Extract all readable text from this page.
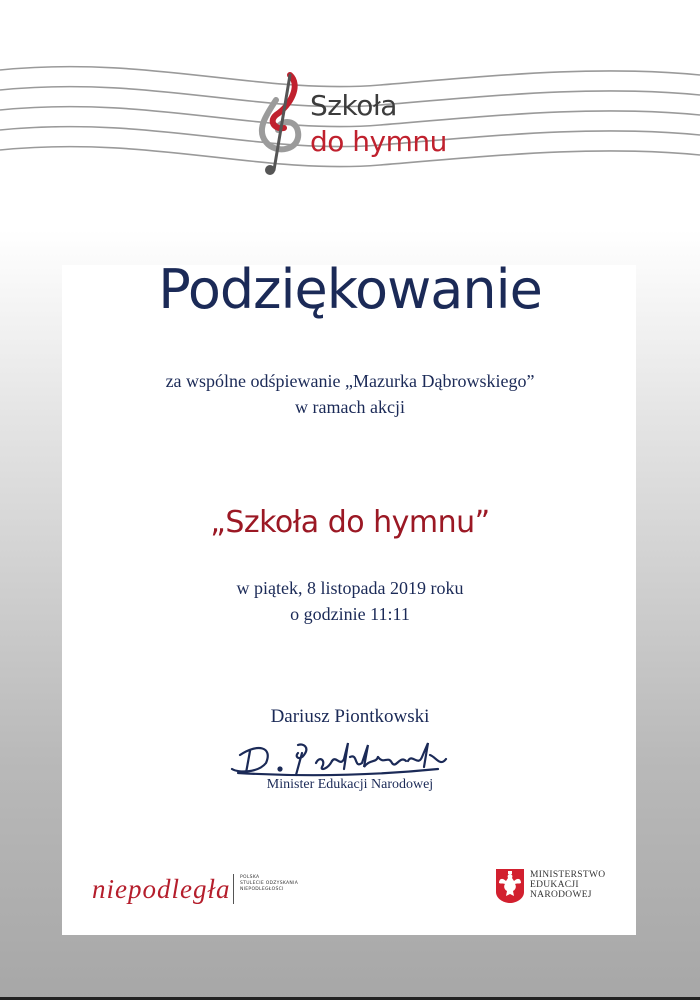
Szkoła
do hymnu
Podziękowanie
za wspólne odśpiewanie „Mazurka Dąbrowskiego”
w ramach akcji
„Szkoła do hymnu”
w piątek, 8 listopada 2019 roku
o godzinie 11:11
Dariusz Piontkowski
Minister Edukacji Narodowej
niepodległa POLSKA
STULECIE ODZYSKANIA
NIEPODLEGŁOŚCI
MINISTERSTWO
EDUKACJI
NARODOWEJ
